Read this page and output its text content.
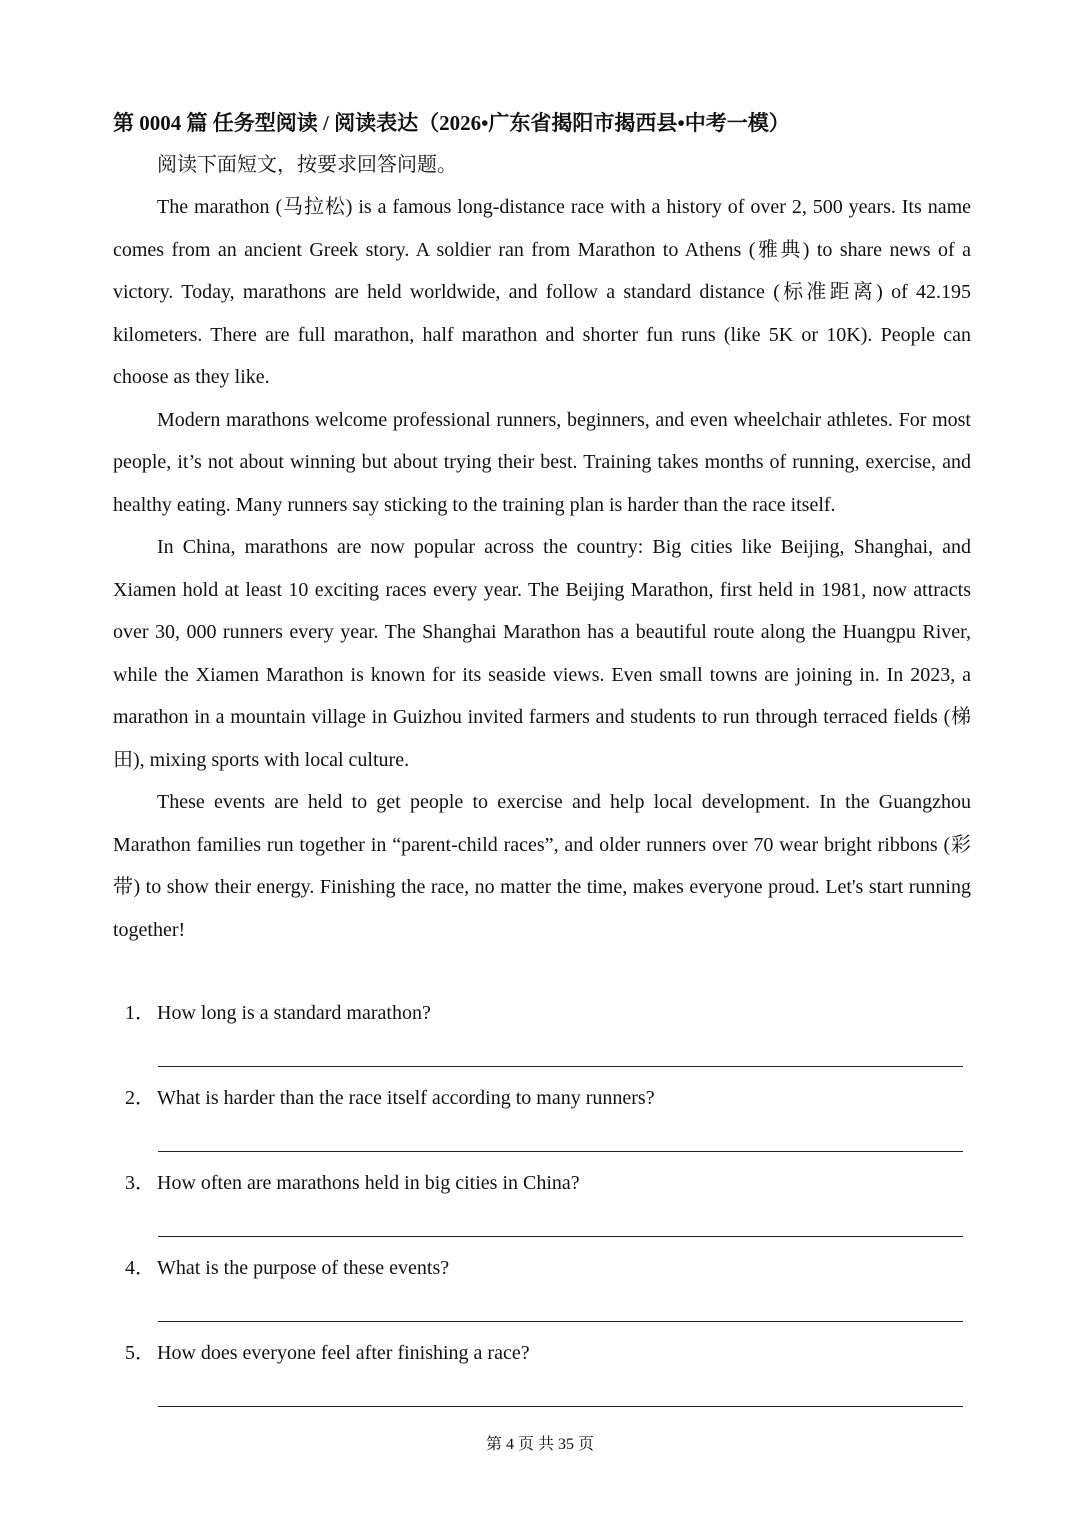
第 0004 篇 任务型阅读 / 阅读表达（2026•广东省揭阳市揭西县•中考一模）
阅读下面短文，按要求回答问题。

The marathon (马拉松) is a famous long-distance race with a history of over 2, 500 years. Its name comes from an ancient Greek story. A soldier ran from Marathon to Athens (雅典) to share news of a victory. Today, marathons are held worldwide, and follow a standard distance (标准距离) of 42.195 kilometers. There are full marathon, half marathon and shorter fun runs (like 5K or 10K). People can choose as they like.

Modern marathons welcome professional runners, beginners, and even wheelchair athletes. For most people, it’s not about winning but about trying their best. Training takes months of running, exercise, and healthy eating. Many runners say sticking to the training plan is harder than the race itself.

In China, marathons are now popular across the country: Big cities like Beijing, Shanghai, and Xiamen hold at least 10 exciting races every year. The Beijing Marathon, first held in 1981, now attracts over 30, 000 runners every year. The Shanghai Marathon has a beautiful route along the Huangpu River, while the Xiamen Marathon is known for its seaside views. Even small towns are joining in. In 2023, a marathon in a mountain village in Guizhou invited farmers and students to run through terraced fields (梯田), mixing sports with local culture.

These events are held to get people to exercise and help local development. In the Guangzhou Marathon families run together in “parent-child races”, and older runners over 70 wear bright ribbons (彩带) to show their energy. Finishing the race, no matter the time, makes everyone proud. Let's start running together!

1． How long is a standard marathon?
2． What is harder than the race itself according to many runners?
3． How often are marathons held in big cities in China?
4． What is the purpose of these events?
5． How does everyone feel after finishing a race?
第 4 页 共 35 页
